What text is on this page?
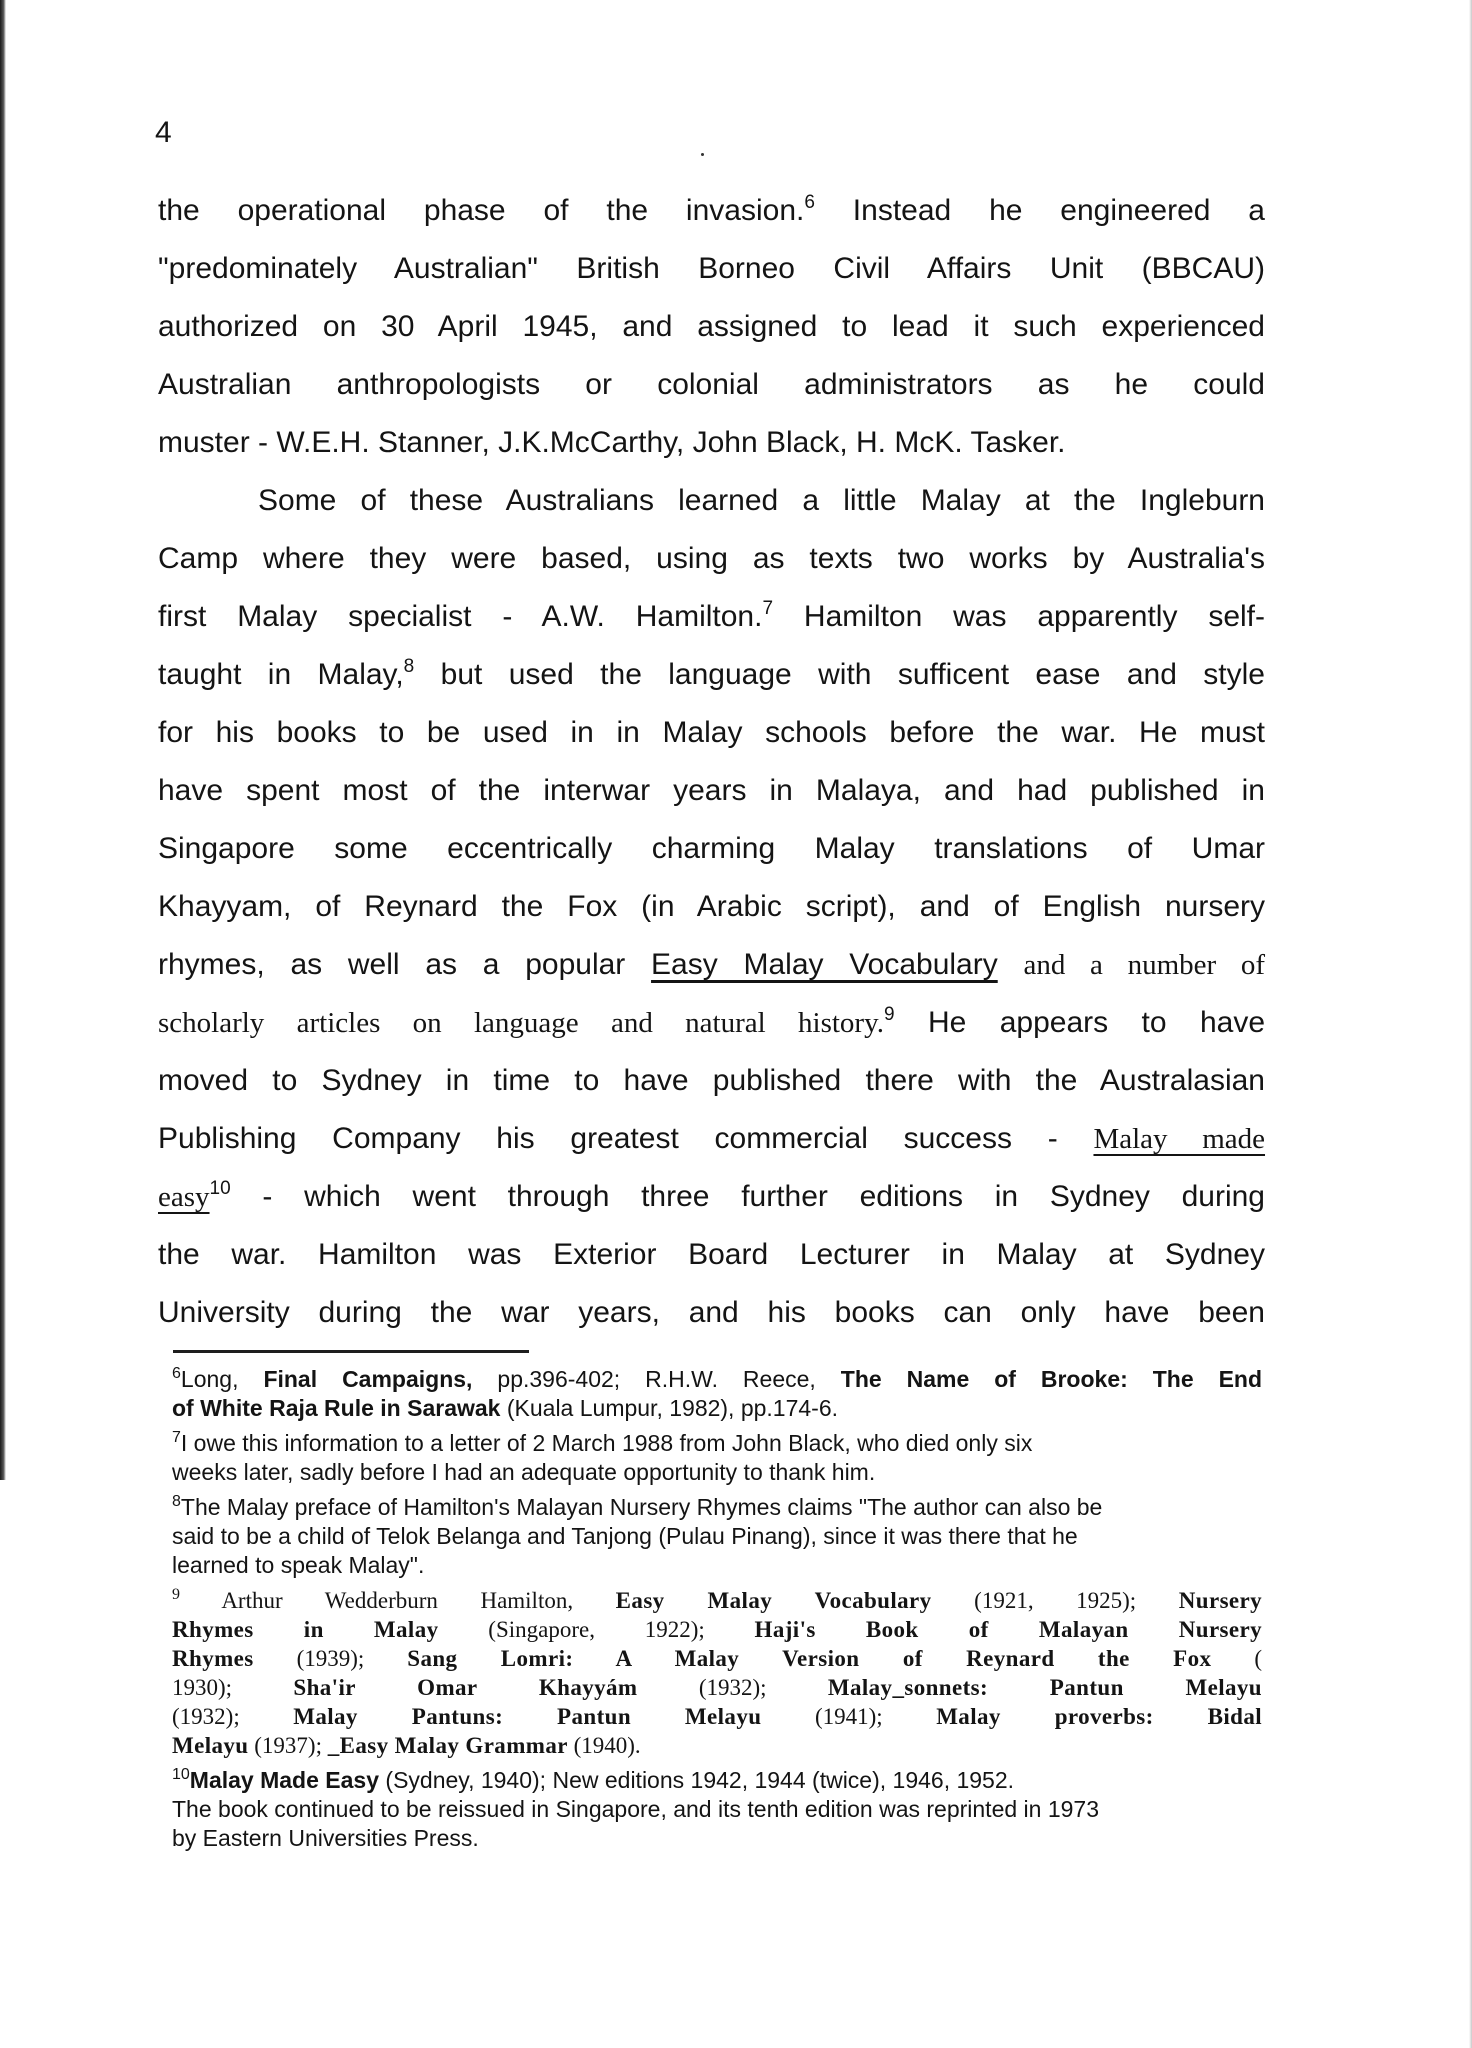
4
the operational phase of the invasion.$^6$ Instead he engineered a
"predominately Australian" British Borneo Civil Affairs Unit (BBCAU)
authorized on 30 April 1945, and assigned to lead it such experienced
Australian anthropologists or colonial administrators as he could
muster - W.E.H. Stanner, J.K.McCarthy, John Black, H. McK. Tasker.
Some of these Australians learned a little Malay at the Ingleburn
Camp where they were based, using as texts two works by Australia's
first Malay specialist - A.W. Hamilton.$^7$ Hamilton was apparently self-
taught in Malay,$^8$ but used the language with sufficent ease and style
for his books to be used in in Malay schools before the war. He must
have spent most of the interwar years in Malaya, and had published in
Singapore some eccentrically charming Malay translations of Umar
Khayyam, of Reynard the Fox (in Arabic script), and of English nursery
rhymes, as well as a popular Easy Malay Vocabulary and a number of
scholarly articles on language and natural history.$^9$ He appears to have
moved to Sydney in time to have published there with the Australasian
Publishing Company his greatest commercial success - Malay made
easy$^{10}$ - which went through three further editions in Sydney during
the war. Hamilton was Exterior Board Lecturer in Malay at Sydney
University during the war years, and his books can only have been
$^6$Long, Final Campaigns, pp.396-402; R.H.W. Reece, The Name of Brooke: The End
of White Raja Rule in Sarawak (Kuala Lumpur, 1982), pp.174-6.
$^7$I owe this information to a letter of 2 March 1988 from John Black, who died only six
weeks later, sadly before I had an adequate opportunity to thank him.
$^8$The Malay preface of Hamilton's Malayan Nursery Rhymes claims "The author can also be
said to be a child of Telok Belanga and Tanjong (Pulau Pinang), since it was there that he
learned to speak Malay".
$^9$ Arthur Wedderburn Hamilton, Easy Malay Vocabulary (1921, 1925); Nursery
Rhymes in Malay (Singapore, 1922); Haji's Book of Malayan Nursery
Rhymes (1939); Sang Lomri: A Malay Version of Reynard the Fox (
1930);	Sha'ir Omar Khayyám	(1932);	Malay_sonnets: Pantun Melayu
(1932); Malay Pantuns: Pantun Melayu (1941); Malay proverbs: Bidal
Melayu (1937); _Easy Malay Grammar (1940).
$^{10}$Malay Made Easy (Sydney, 1940); New editions 1942, 1944 (twice), 1946, 1952.
The book continued to be reissued in Singapore, and its tenth edition was reprinted in 1973
by Eastern Universities Press.
